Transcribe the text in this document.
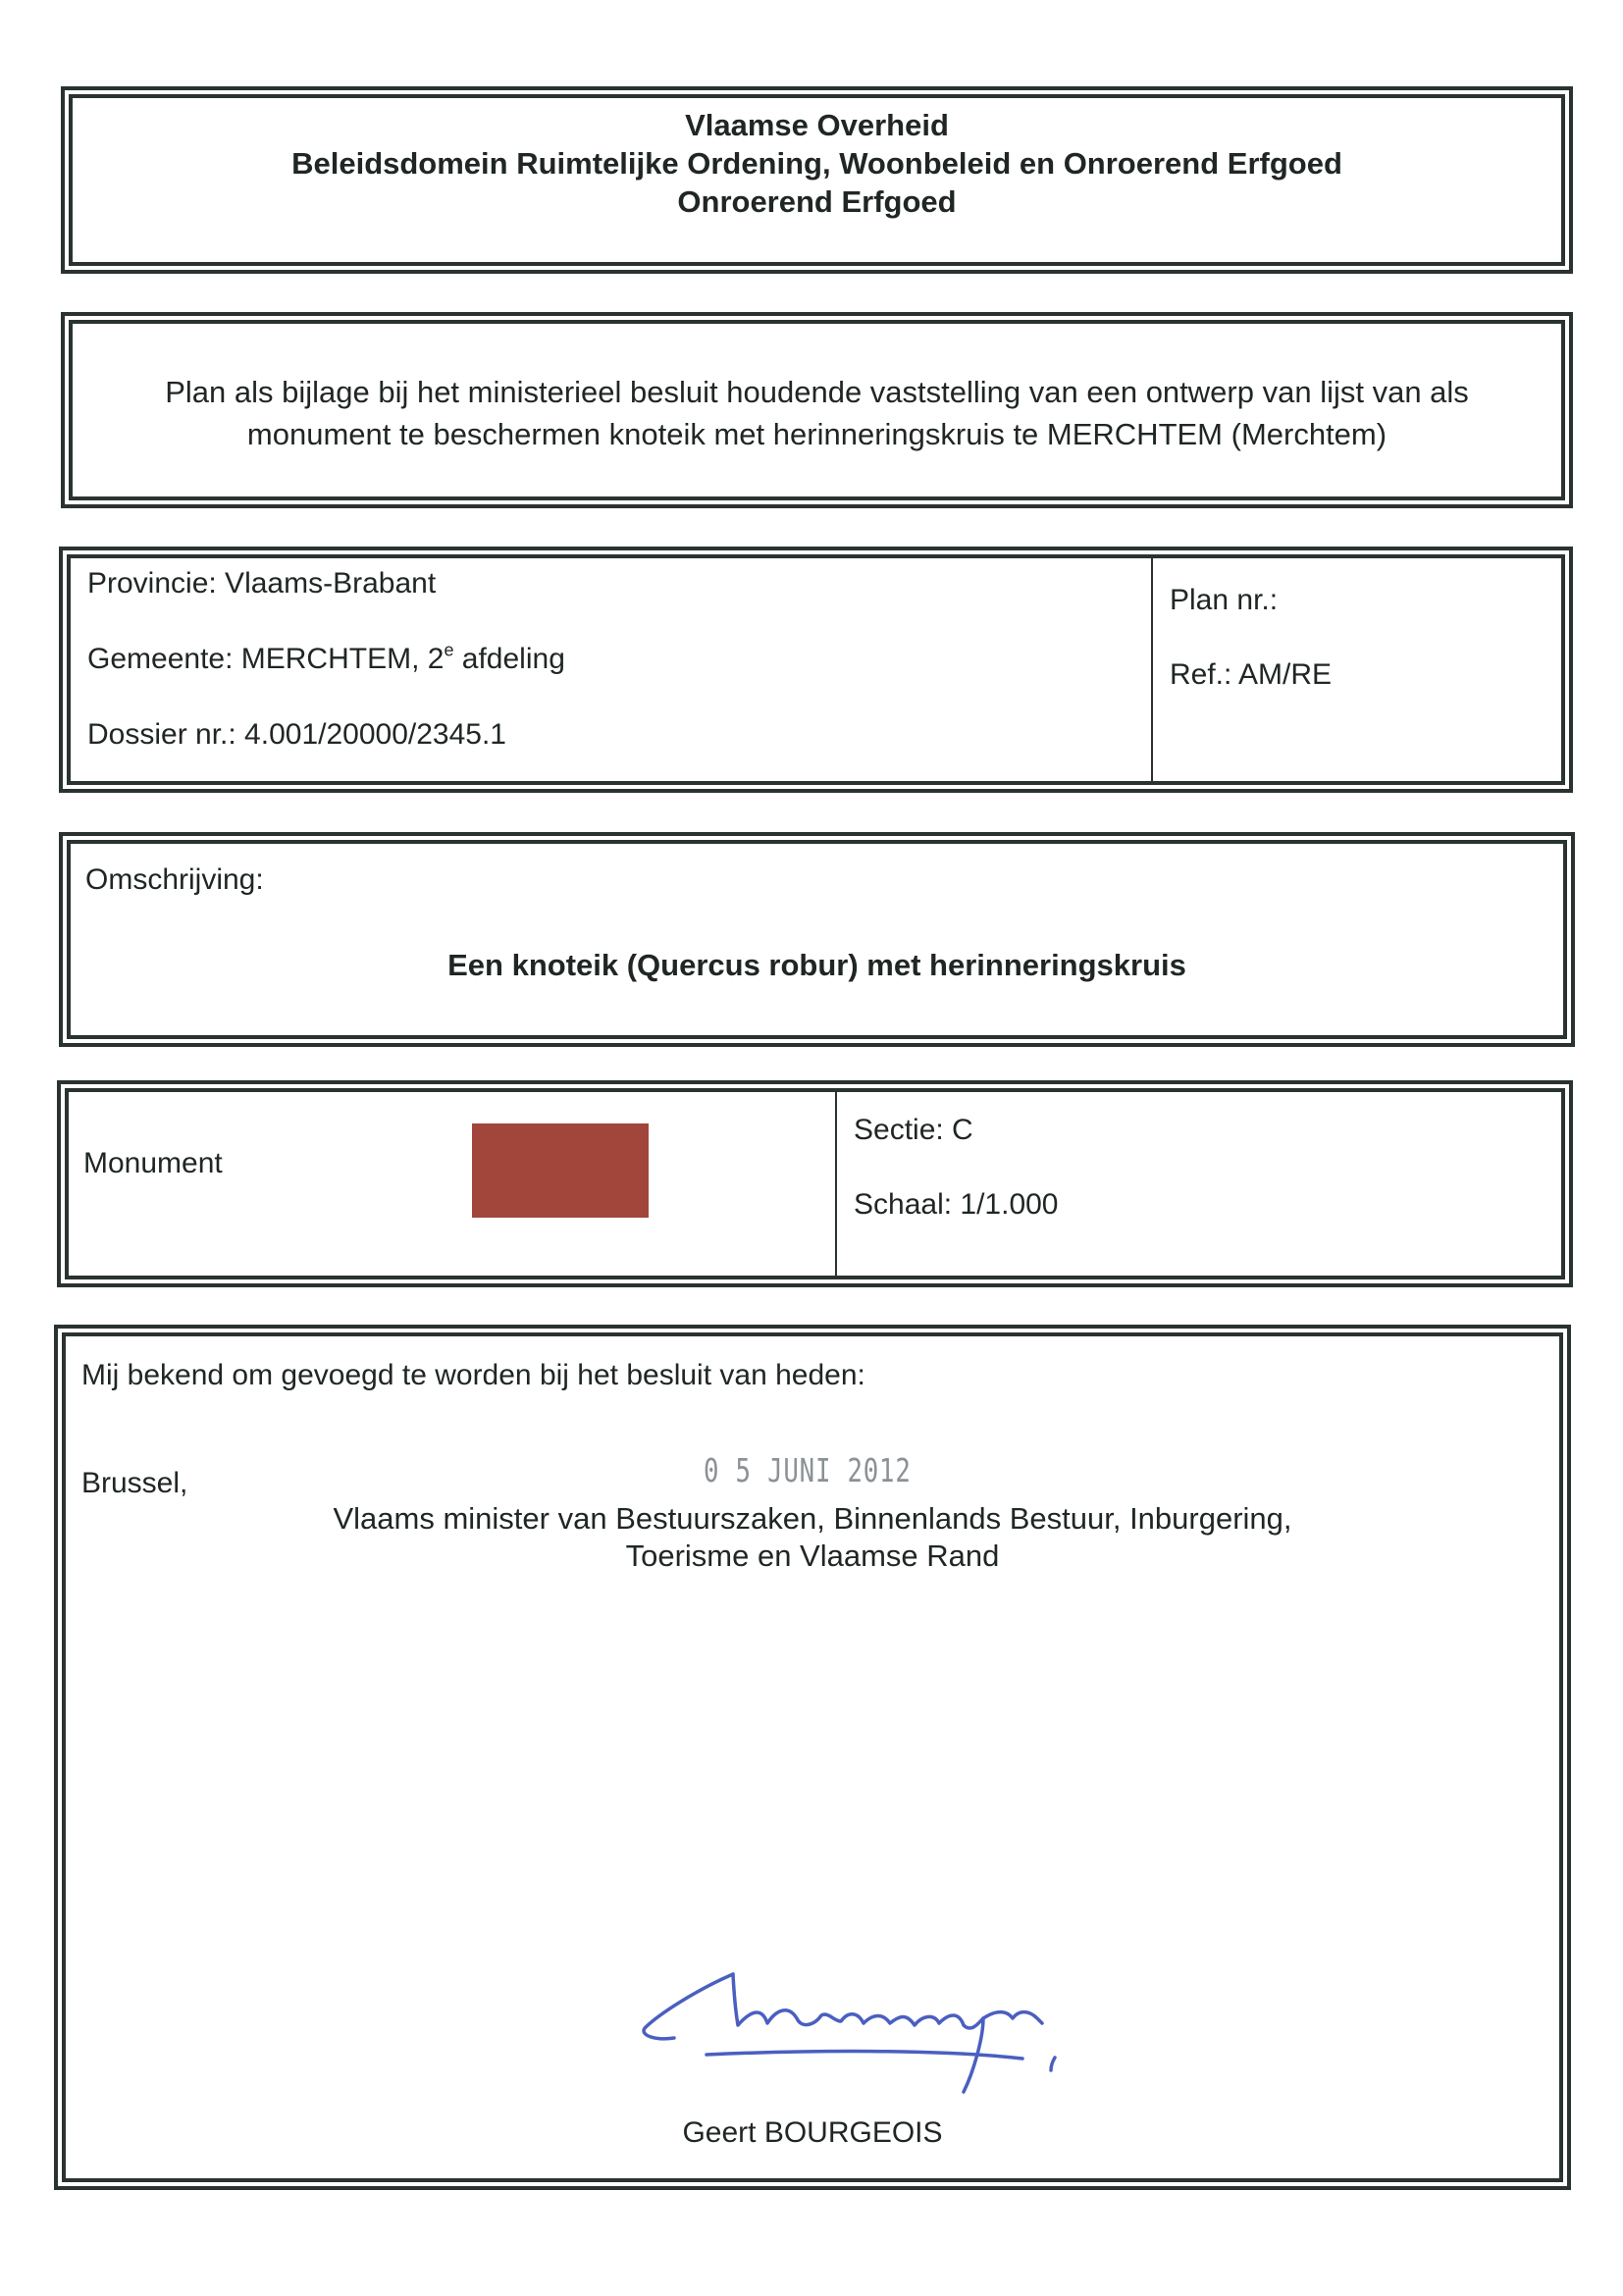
Vlaamse Overheid
Beleidsdomein Ruimtelijke Ordening, Woonbeleid en Onroerend Erfgoed
Onroerend Erfgoed
Plan als bijlage bij het ministerieel besluit houdende vaststelling van een ontwerp van lijst van als
monument te beschermen knoteik met herinneringskruis te MERCHTEM (Merchtem)
Provincie: Vlaams-Brabant
Gemeente: MERCHTEM, 2e afdeling
Dossier nr.: 4.001/20000/2345.1
Plan nr.:
Ref.: AM/RE
Omschrijving:
Een knoteik (Quercus robur) met herinneringskruis
Monument
Sectie: C
Schaal: 1/1.000
Mij bekend om gevoegd te worden bij het besluit van heden:
Brussel,	0 5 JUNI 2012
Vlaams minister van Bestuurszaken, Binnenlands Bestuur, Inburgering,
Toerisme en Vlaamse Rand
Geert BOURGEOIS
